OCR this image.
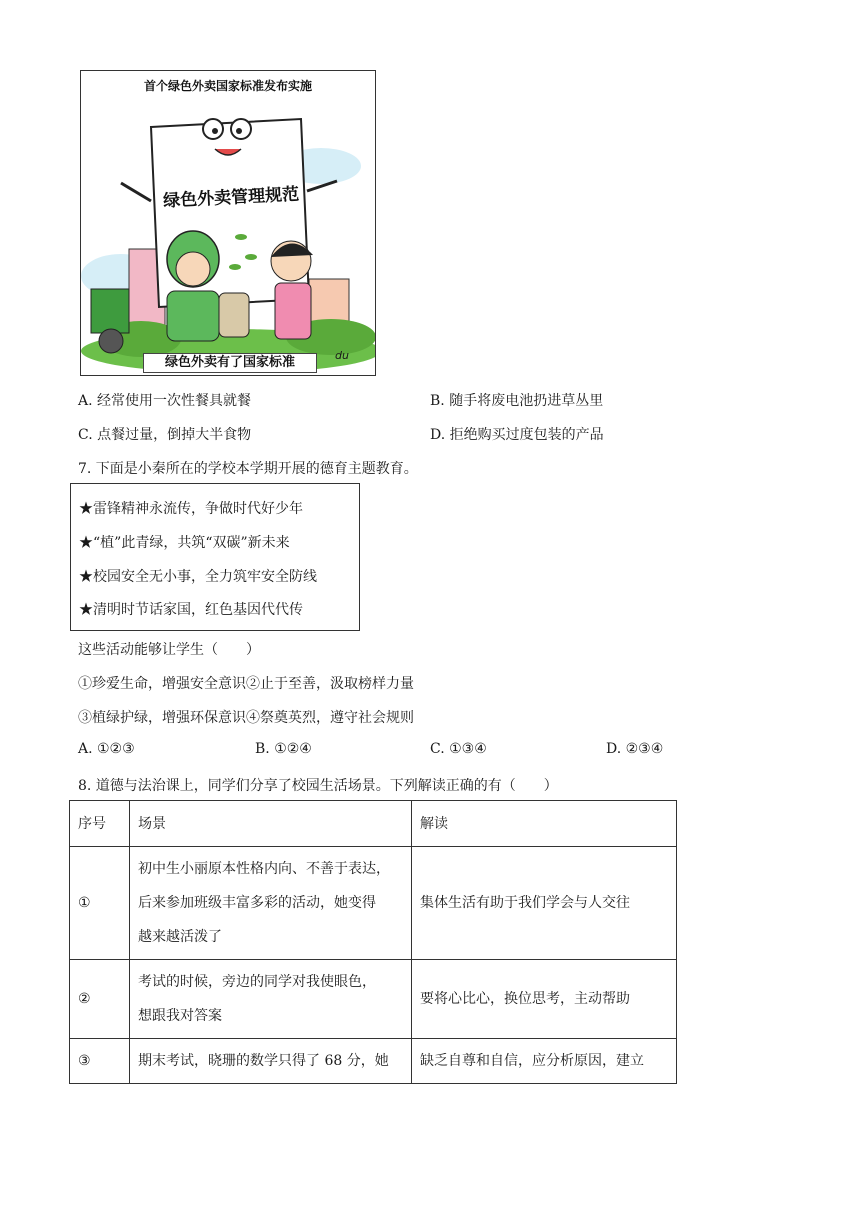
首个绿色外卖国家标准发布实施
绿色外卖管理规范
绿色外卖有了国家标准	du
A. 经常使用一次性餐具就餐	B. 随手将废电池扔进草丛里
C. 点餐过量，倒掉大半食物	D. 拒绝购买过度包装的产品
7. 下面是小秦所在的学校本学期开展的德育主题教育。
★雷锋精神永流传，争做时代好少年
★“植”此青绿，共筑“双碳”新未来
★校园安全无小事，全力筑牢安全防线
★清明时节话家国，红色基因代代传
这些活动能够让学生（　　）
①珍爱生命，增强安全意识②止于至善，汲取榜样力量
③植绿护绿，增强环保意识④祭奠英烈，遵守社会规则
A. ①②③	B. ①②④	C. ①③④	D. ②③④
8. 道德与法治课上，同学们分享了校园生活场景。下列解读正确的有（　　）
序号	场景	解读
①	初中生小丽原本性格内向、不善于表达，
后来参加班级丰富多彩的活动，她变得
越来越活泼了	集体生活有助于我们学会与人交往
②	考试的时候，旁边的同学对我使眼色，
想跟我对答案	要将心比心，换位思考，主动帮助
③	期末考试，晓珊的数学只得了 68 分，她	缺乏自尊和自信，应分析原因，建立
